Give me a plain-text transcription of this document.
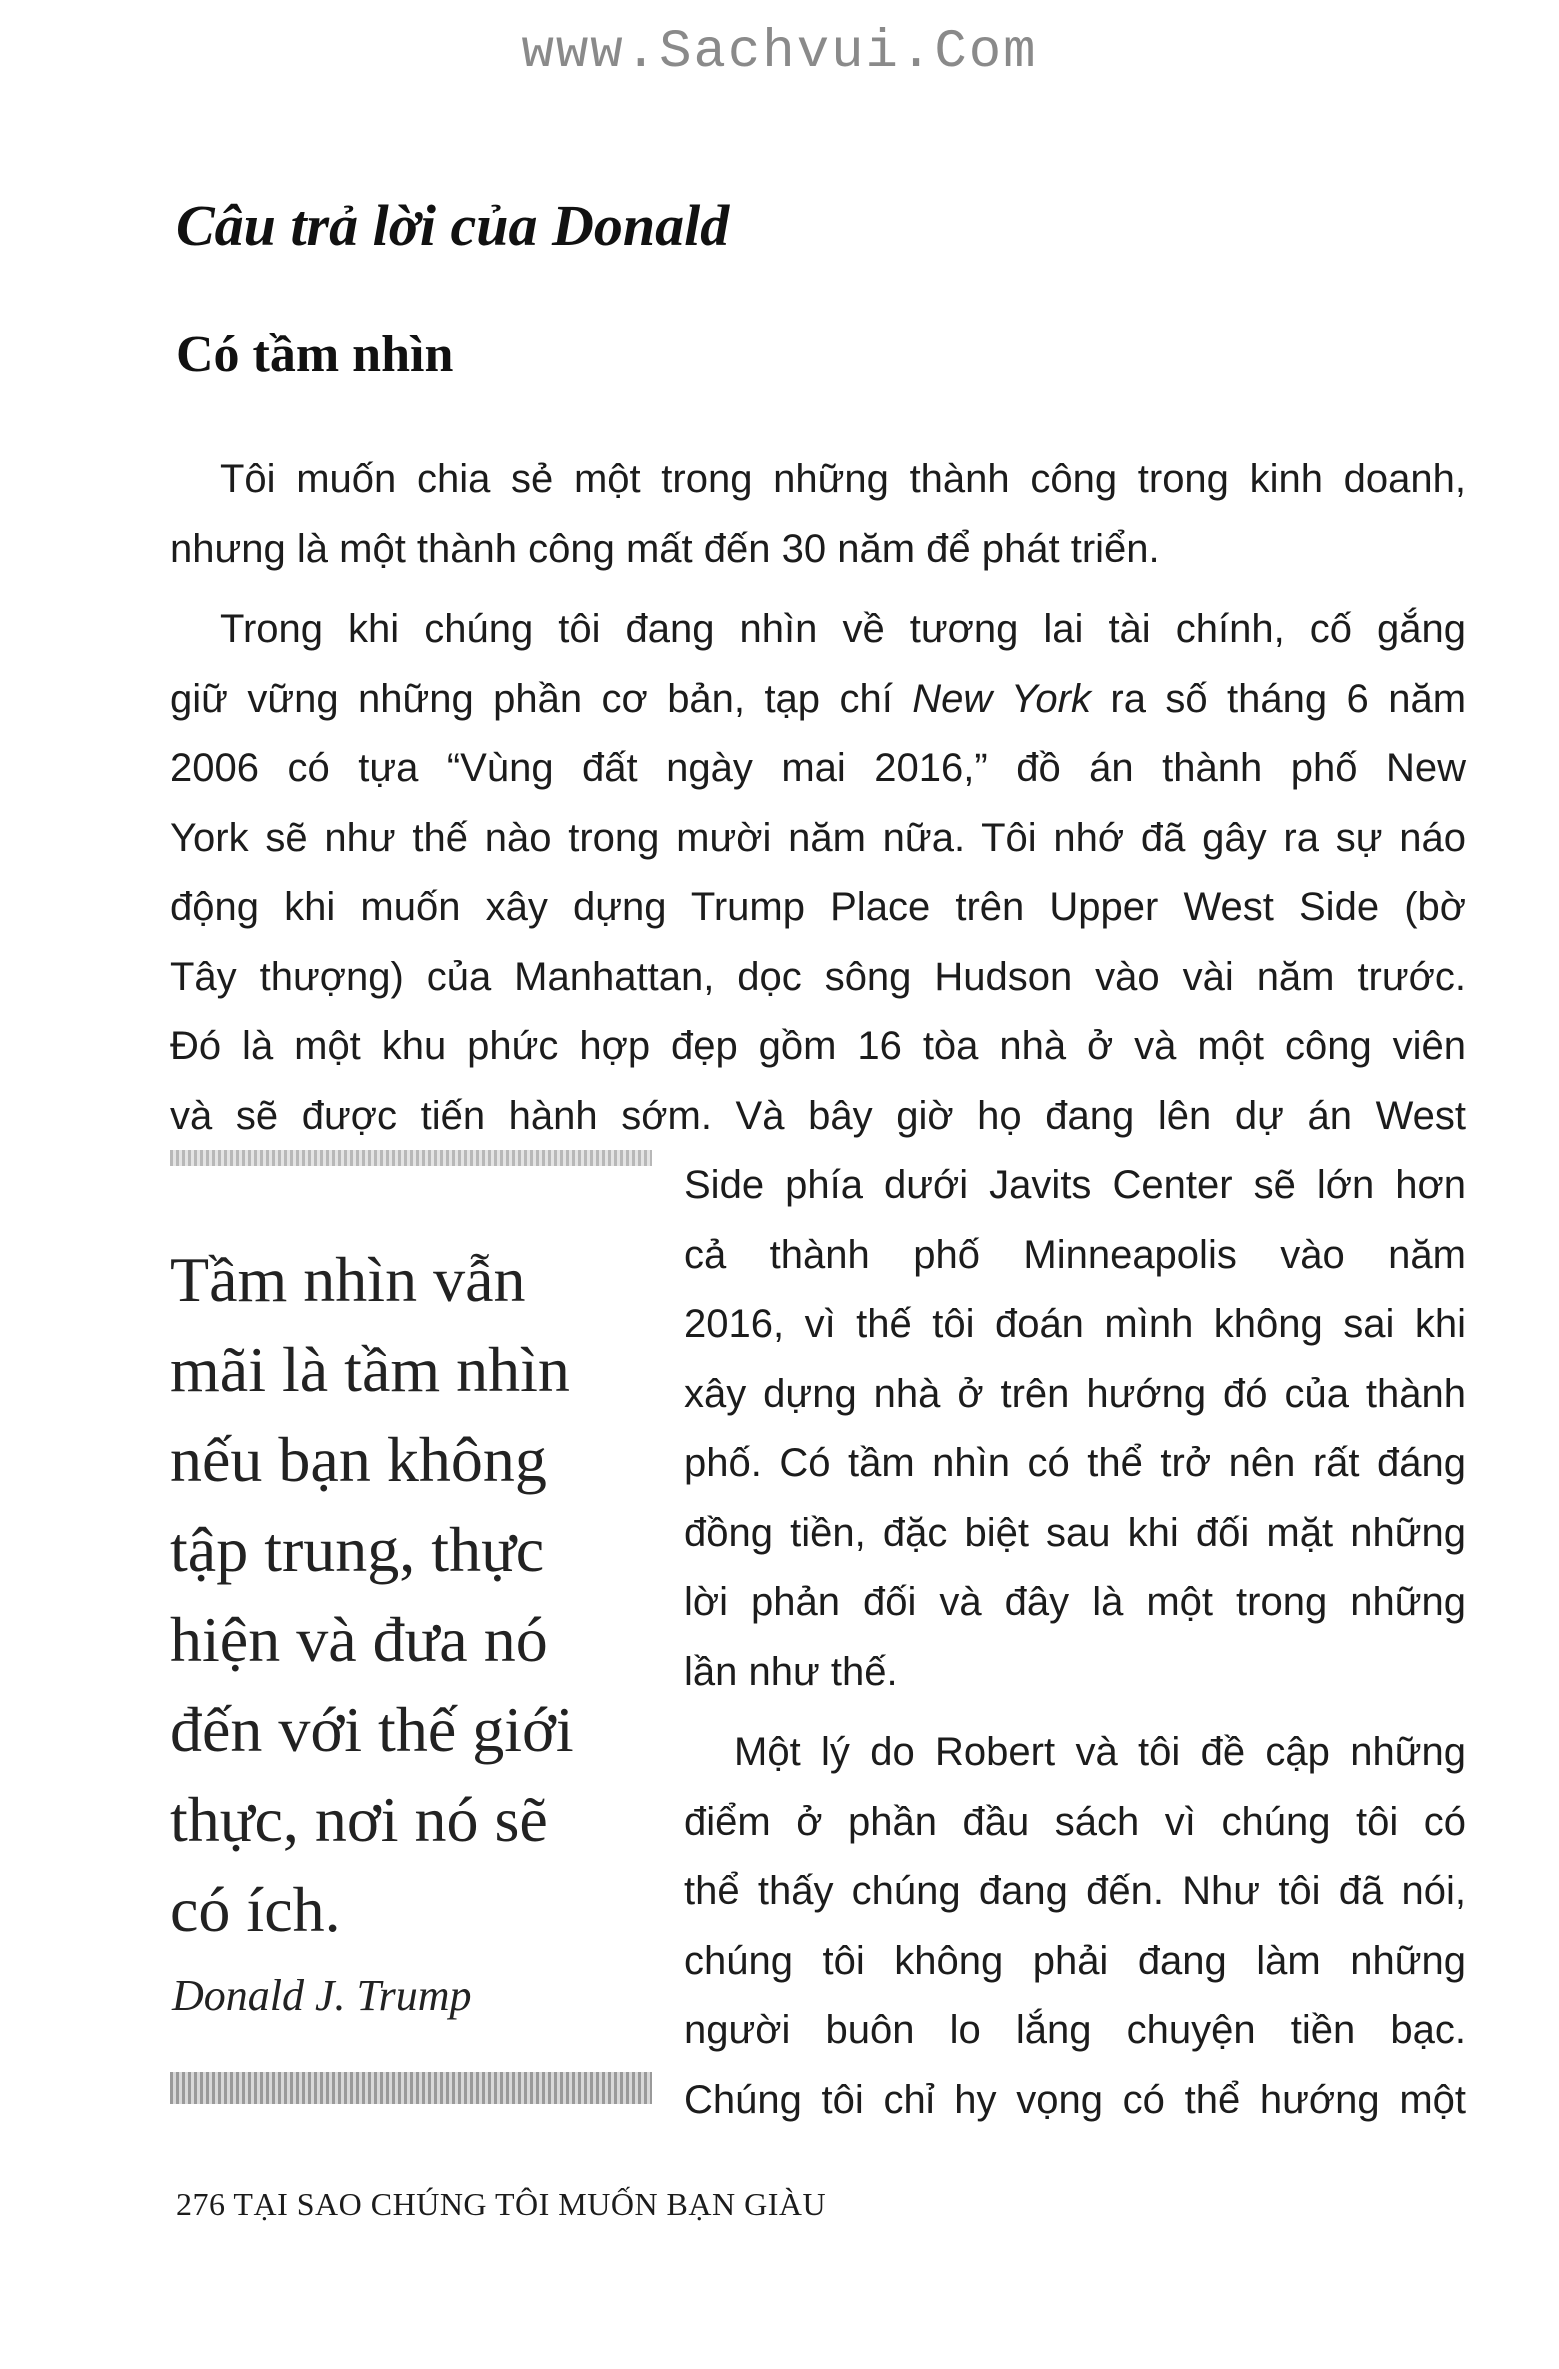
www.Sachvui.Com
Câu trả lời của Donald
Có tầm nhìn
Tôi muốn chia sẻ một trong những thành công trong kinh doanh,
nhưng là một thành công mất đến 30 năm để phát triển.
Trong khi chúng tôi đang nhìn về tương lai tài chính, cố gắng
giữ vững những phần cơ bản, tạp chí New York ra số tháng 6 năm
2006 có tựa “Vùng đất ngày mai 2016,” đồ án thành phố New
York sẽ như thế nào trong mười năm nữa. Tôi nhớ đã gây ra sự náo
động khi muốn xây dựng Trump Place trên Upper West Side (bờ
Tây thượng) của Manhattan, dọc sông Hudson vào vài năm trước.
Đó là một khu phức hợp đẹp gồm 16 tòa nhà ở và một công viên
và sẽ được tiến hành sớm. Và bây giờ họ đang lên dự án West
Side phía dưới Javits Center sẽ lớn hơn
cả thành phố Minneapolis vào năm
2016, vì thế tôi đoán mình không sai khi
xây dựng nhà ở trên hướng đó của thành
phố. Có tầm nhìn có thể trở nên rất đáng
đồng tiền, đặc biệt sau khi đối mặt những
lời phản đối và đây là một trong những
lần như thế.
Một lý do Robert và tôi đề cập những
điểm ở phần đầu sách vì chúng tôi có
thể thấy chúng đang đến. Như tôi đã nói,
chúng tôi không phải đang làm những
người buôn lo lắng chuyện tiền bạc.
Chúng tôi chỉ hy vọng có thể hướng một
Tầm nhìn vẫn
mãi là tầm nhìn
nếu bạn không
tập trung, thực
hiện và đưa nó
đến với thế giới
thực, nơi nó sẽ
có ích.
Donald J. Trump
276 TẠI SAO CHÚNG TÔI MUỐN BẠN GIÀU
